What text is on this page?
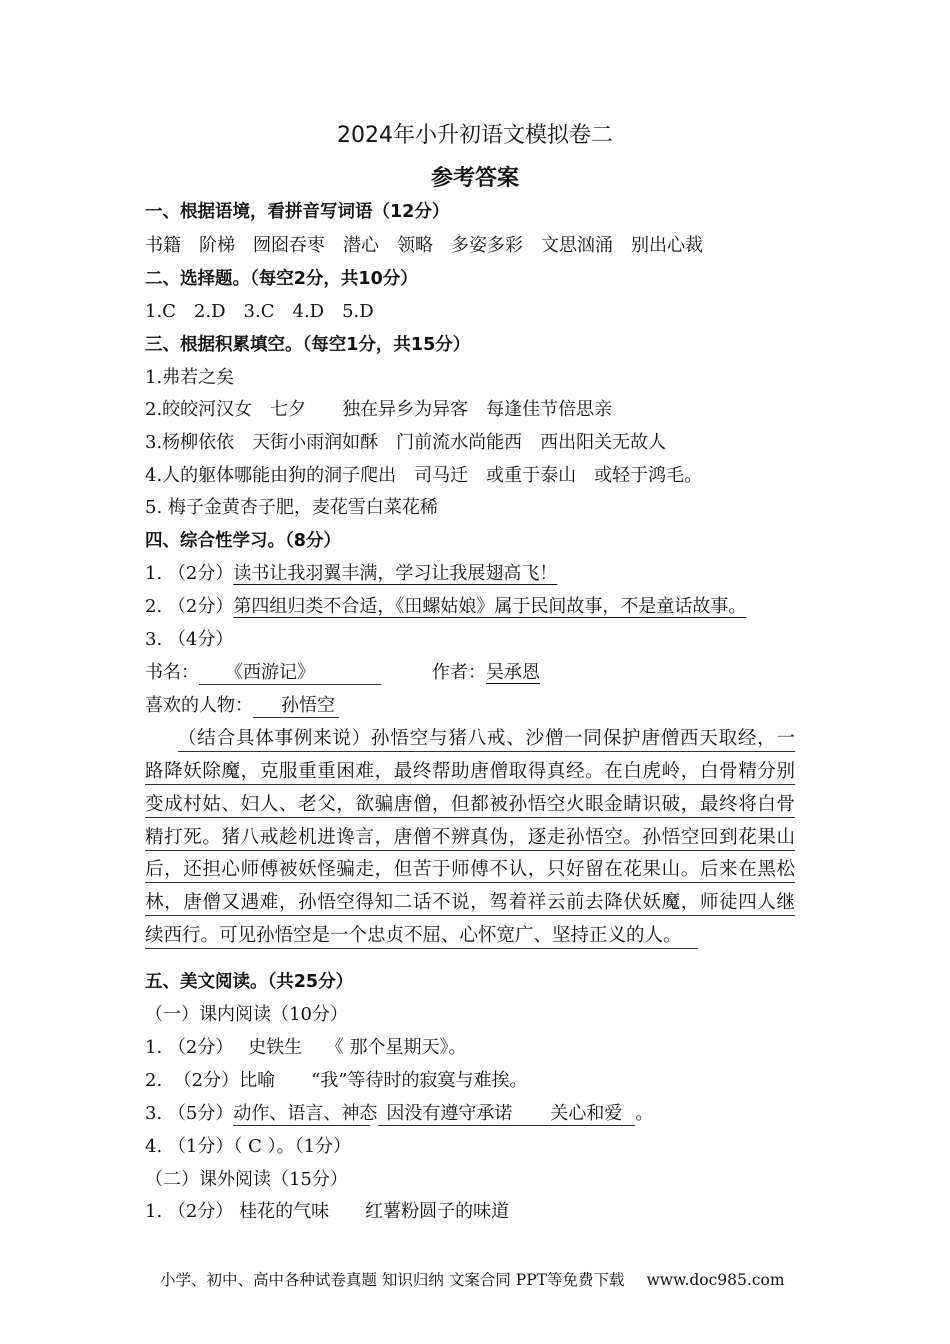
2024年小升初语文模拟卷二
参考答案
一、根据语境，看拼音写词语（12分）
书籍　阶梯　囫囵吞枣　潜心　领略　多姿多彩　文思汹涌　别出心裁
二、选择题。（每空2分，共10分）
1.C　2.D　3.C　4.D　5.D
三、根据积累填空。（每空1分，共15分）
1.弗若之矣
2.皎皎河汉女　七夕　　独在异乡为异客　每逢佳节倍思亲
3.杨柳依依　天街小雨润如酥　门前流水尚能西　西出阳关无故人
4.人的躯体哪能由狗的洞子爬出　司马迁　或重于泰山　或轻于鸿毛。
5. 梅子金黄杏子肥，麦花雪白菜花稀
四、综合性学习。（8分）
1. （2分）读书让我羽翼丰满，学习让我展翅高飞！
2. （2分）第四组归类不合适，《田螺姑娘》属于民间故事，不是童话故事。
3. （4分）
书名： 《西游记》	作者：吴承恩
喜欢的人物： 孙悟空
（结合具体事例来说）孙悟空与猪八戒、沙僧一同保护唐僧西天取经，一
路降妖除魔，克服重重困难，最终帮助唐僧取得真经。在白虎岭，白骨精分别
变成村姑、妇人、老父，欲骗唐僧，但都被孙悟空火眼金睛识破，最终将白骨
精打死。猪八戒趁机进谗言，唐僧不辨真伪，逐走孙悟空。孙悟空回到花果山
后，还担心师傅被妖怪骗走，但苦于师傅不认，只好留在花果山。后来在黑松
林，唐僧又遇难，孙悟空得知二话不说，驾着祥云前去降伏妖魔，师徒四人继
续西行。可见孙悟空是一个忠贞不屈、心怀宽广、坚持正义的人。
五、美文阅读。（共25分）
（一）课内阅读（10分）
1. （2分）　 史铁生　 《 那个星期天》。
2.  （2分）比喻　　“我”等待时的寂寞与难挨。
3. （5分）动作、语言、神态 因没有遵守承诺 关心和爱 。
4. （1分）（ C ）。（1分）
（二）课外阅读（15分）
1. （2分） 桂花的气味　　红薯粉圆子的味道
小学、初中、高中各种试卷真题 知识归纳 文案合同 PPT等免费下载 www.doc985.com
